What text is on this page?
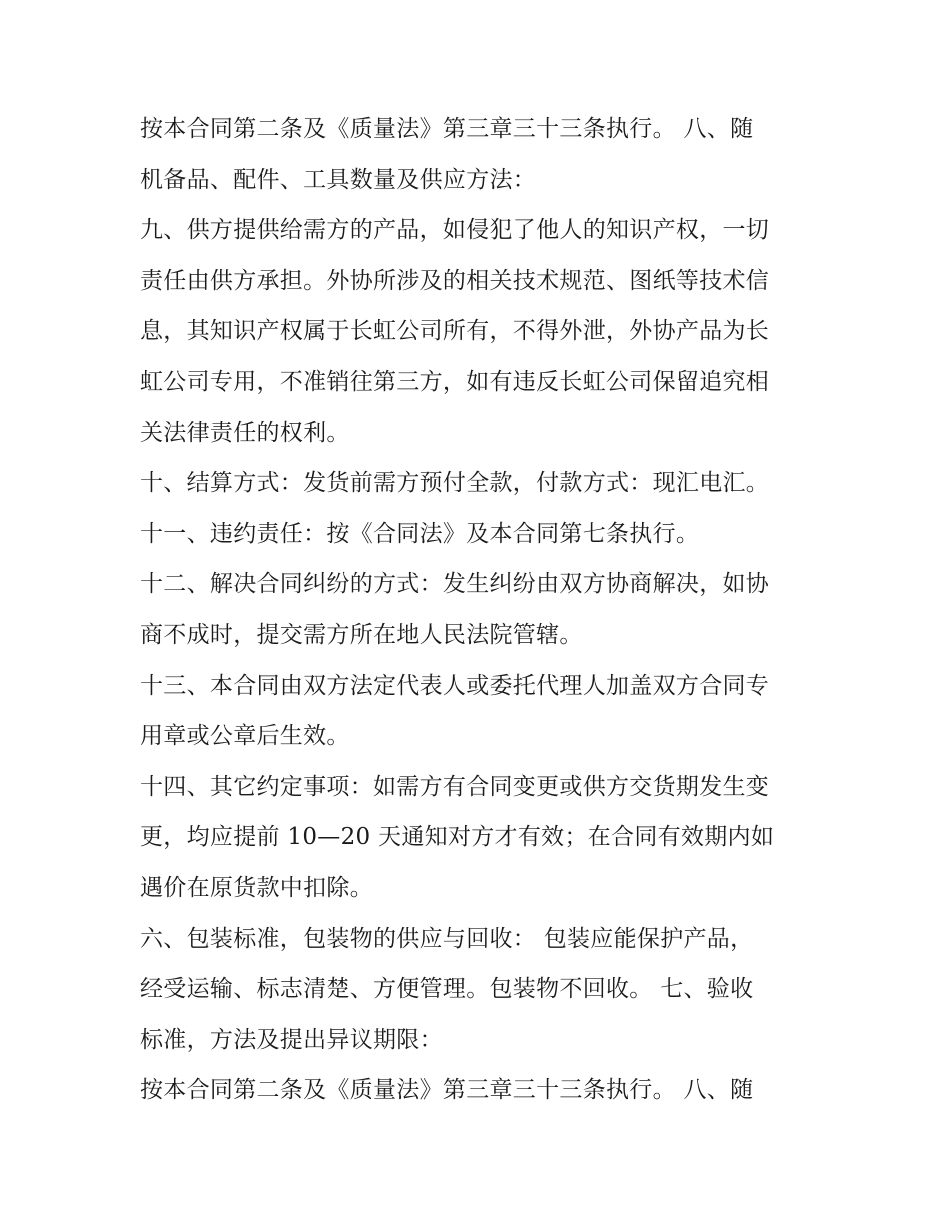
按本合同第二条及《质量法》第三章三十三条执行。 八、随
机备品、配件、工具数量及供应方法：
九、供方提供给需方的产品，如侵犯了他人的知识产权，一切
责任由供方承担。外协所涉及的相关技术规范、图纸等技术信
息，其知识产权属于长虹公司所有，不得外泄，外协产品为长
虹公司专用，不准销往第三方，如有违反长虹公司保留追究相
关法律责任的权利。
十、结算方式：发货前需方预付全款，付款方式：现汇电汇。
十一、违约责任：按《合同法》及本合同第七条执行。
十二、解决合同纠纷的方式：发生纠纷由双方协商解决，如协
商不成时，提交需方所在地人民法院管辖。
十三、本合同由双方法定代表人或委托代理人加盖双方合同专
用章或公章后生效。
十四、其它约定事项：如需方有合同变更或供方交货期发生变
更，均应提前 10—20 天通知对方才有效；在合同有效期内如
遇价在原货款中扣除。
六、包装标准，包装物的供应与回收： 包装应能保护产品，
经受运输、标志清楚、方便管理。包装物不回收。 七、验收
标准，方法及提出异议期限：
按本合同第二条及《质量法》第三章三十三条执行。 八、随
